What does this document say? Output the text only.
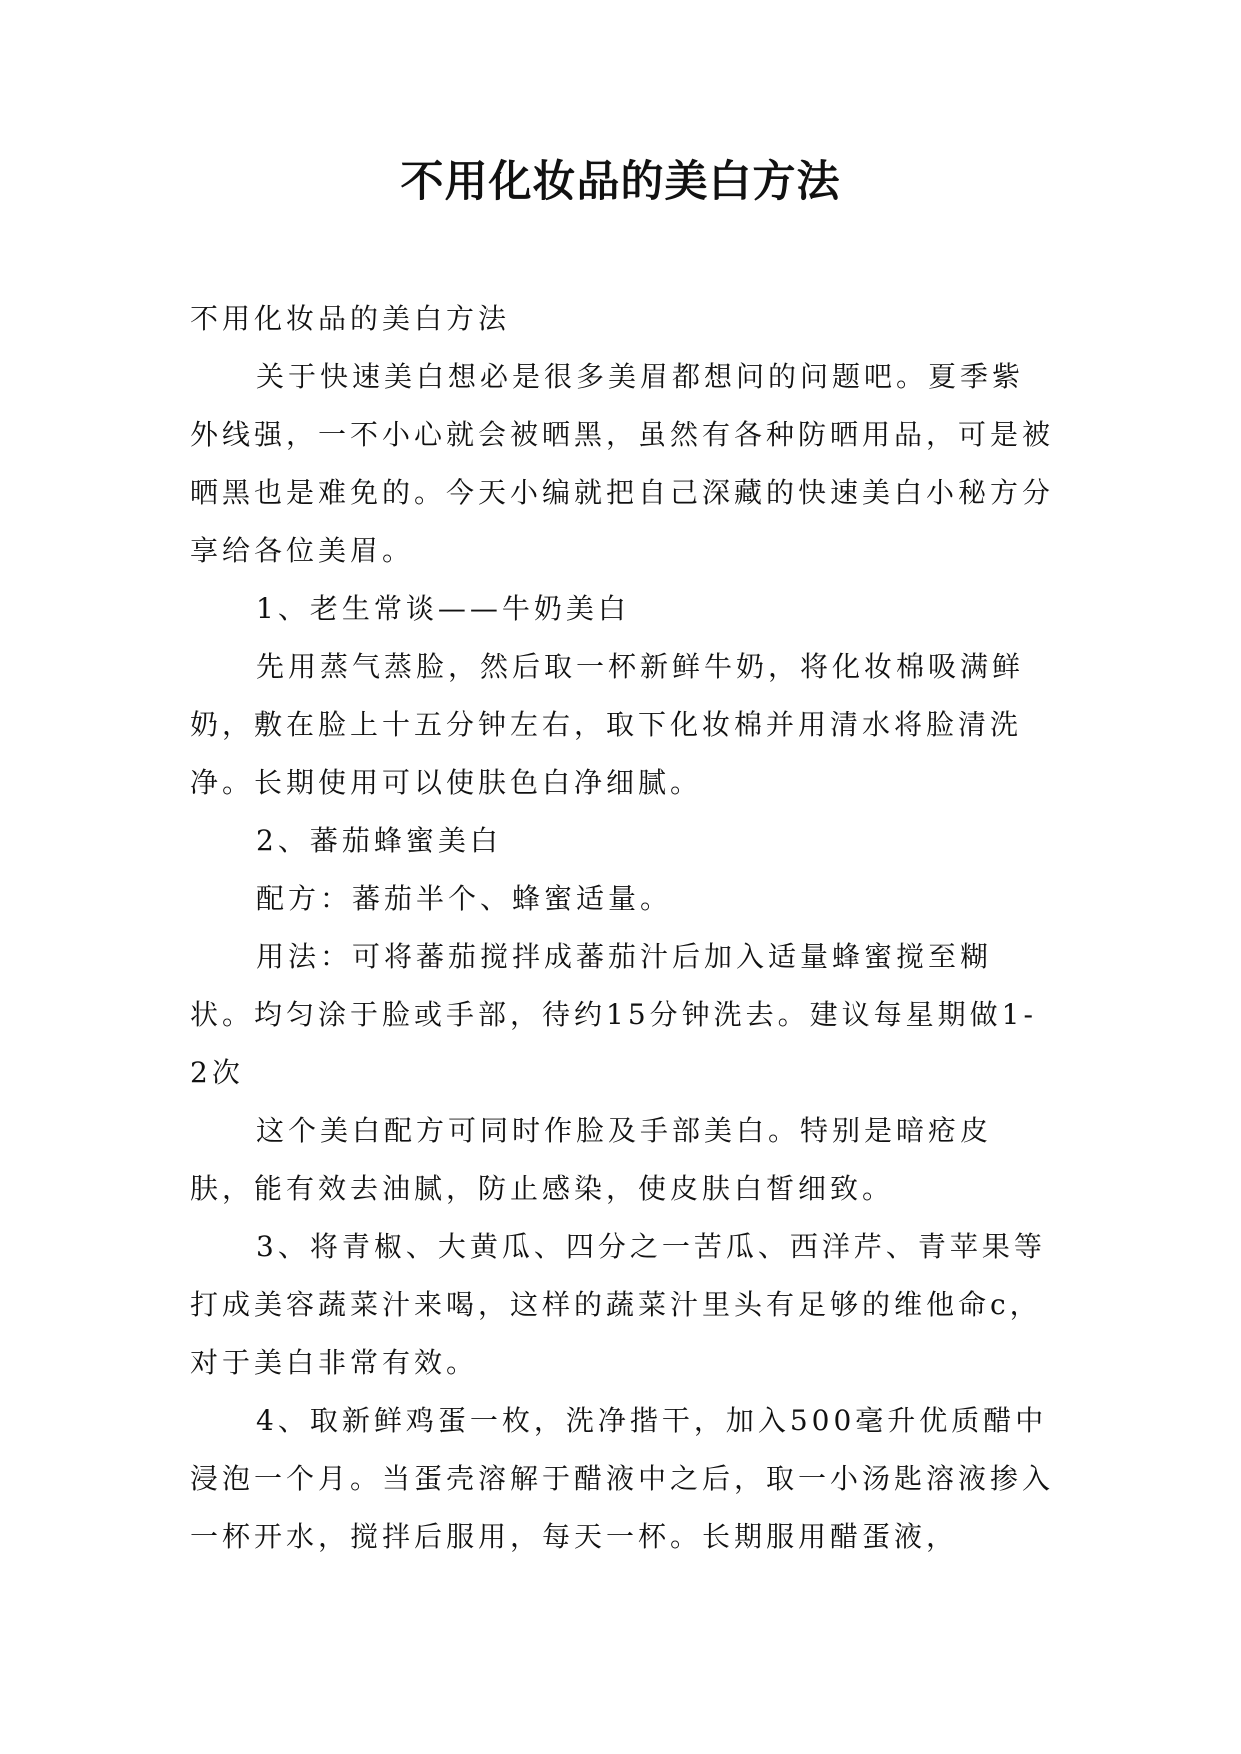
不用化妆品的美白方法

不用化妆品的美白方法

关于快速美白想必是很多美眉都想问的问题吧。夏季紫外线强，一不小心就会被晒黑，虽然有各种防晒用品，可是被晒黑也是难免的。今天小编就把自己深藏的快速美白小秘方分享给各位美眉。

1、老生常谈——牛奶美白

先用蒸气蒸脸，然后取一杯新鲜牛奶，将化妆棉吸满鲜奶，敷在脸上十五分钟左右，取下化妆棉并用清水将脸清洗净。长期使用可以使肤色白净细腻。

2、蕃茄蜂蜜美白

配方：蕃茄半个、蜂蜜适量。

用法：可将蕃茄搅拌成蕃茄汁后加入适量蜂蜜搅至糊状。均匀涂于脸或手部，待约15分钟洗去。建议每星期做1-2次

这个美白配方可同时作脸及手部美白。特别是暗疮皮肤，能有效去油腻，防止感染，使皮肤白皙细致。

3、将青椒、大黄瓜、四分之一苦瓜、西洋芹、青苹果等打成美容蔬菜汁来喝，这样的蔬菜汁里头有足够的维他命c，对于美白非常有效。

4、取新鲜鸡蛋一枚，洗净揩干，加入500毫升优质醋中浸泡一个月。当蛋壳溶解于醋液中之后，取一小汤匙溶液掺入一杯开水，搅拌后服用，每天一杯。长期服用醋蛋液，
